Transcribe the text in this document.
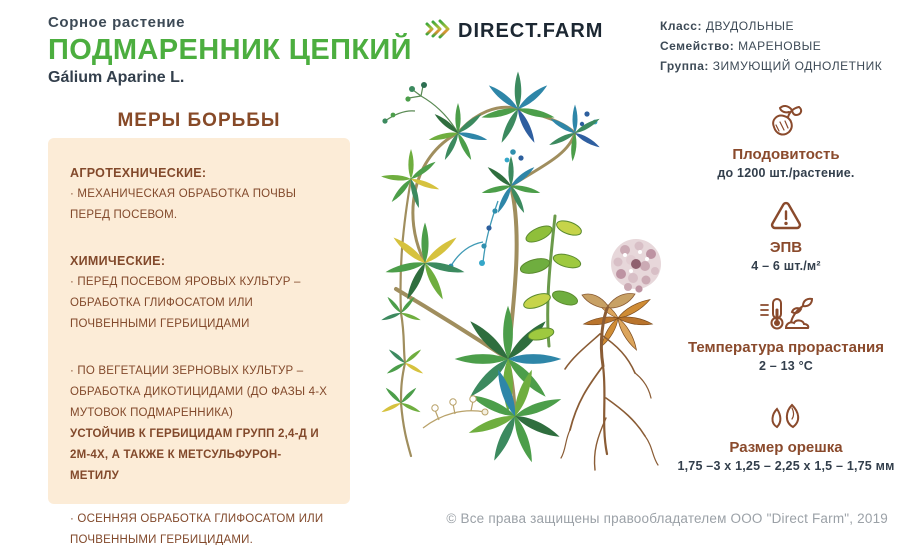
Сорное растение
ПОДМАРЕННИК ЦЕПКИЙ
Gálium Aparine L.
DIRECT.FARM	Класс: ДВУДОЛЬНЫЕ
Семейство: МАРЕНОВЫЕ
Группа: ЗИМУЮЩИЙ ОДНОЛЕТНИК
МЕРЫ БОРЬБЫ
АГРОТЕХНИЧЕСКИЕ:
· МЕХАНИЧЕСКАЯ ОБРАБОТКА ПОЧВЫ ПЕРЕД ПОСЕВОМ.
ХИМИЧЕСКИЕ:
· ПЕРЕД ПОСЕВОМ ЯРОВЫХ КУЛЬТУР – ОБРАБОТКА ГЛИФОСАТОМ ИЛИ ПОЧВЕННЫМИ ГЕРБИЦИДАМИ
· ПО ВЕГЕТАЦИИ ЗЕРНОВЫХ КУЛЬТУР – ОБРАБОТКА ДИКОТИЦИДАМИ (ДО ФАЗЫ 4-Х МУТОВОК ПОДМАРЕННИКА)
УСТОЙЧИВ К ГЕРБИЦИДАМ ГРУПП 2,4-Д И 2М-4Х, А ТАКЖЕ К МЕТСУЛЬФУРОН-МЕТИЛУ
· ОСЕННЯЯ ОБРАБОТКА ГЛИФОСАТОМ ИЛИ ПОЧВЕННЫМИ ГЕРБИЦИДАМИ.
Плодовитость
до 1200 шт./растение.
ЭПВ
4 – 6 шт./м²
Температура прорастания
2 – 13 °C
Размер орешка
1,75 –3 x 1,25 – 2,25 x 1,5 – 1,75 мм
© Все права защищены правообладателем ООО "Direct Farm", 2019
